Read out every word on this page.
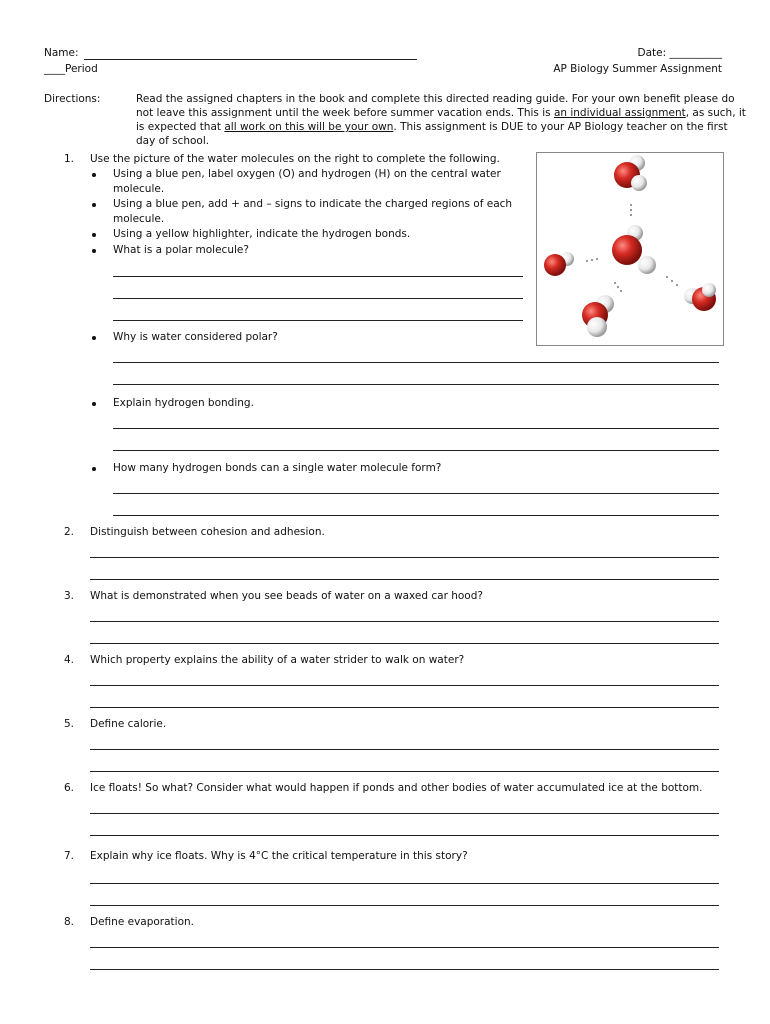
Name:
____Period
Date: __________
AP Biology Summer Assignment
Directions:	Read the assigned chapters in the book and complete this directed reading guide. For your own benefit please do
not leave this assignment until the week before summer vacation ends. This is an individual assignment, as such, it
is expected that all work on this will be your own. This assignment is DUE to your AP Biology teacher on the first
day of school.
1. Use the picture of the water molecules on the right to complete the following.
Using a blue pen, label oxygen (O) and hydrogen (H) on the central water
molecule.
Using a blue pen, add + and – signs to indicate the charged regions of each
molecule.
Using a yellow highlighter, indicate the hydrogen bonds.
What is a polar molecule?
Why is water considered polar?
Explain hydrogen bonding.
How many hydrogen bonds can a single water molecule form?
2. Distinguish between cohesion and adhesion.
3. What is demonstrated when you see beads of water on a waxed car hood?
4. Which property explains the ability of a water strider to walk on water?
5. Define calorie.
6. Ice floats! So what? Consider what would happen if ponds and other bodies of water accumulated ice at the bottom.
7. Explain why ice floats. Why is 4°C the critical temperature in this story?
8. Define evaporation.
